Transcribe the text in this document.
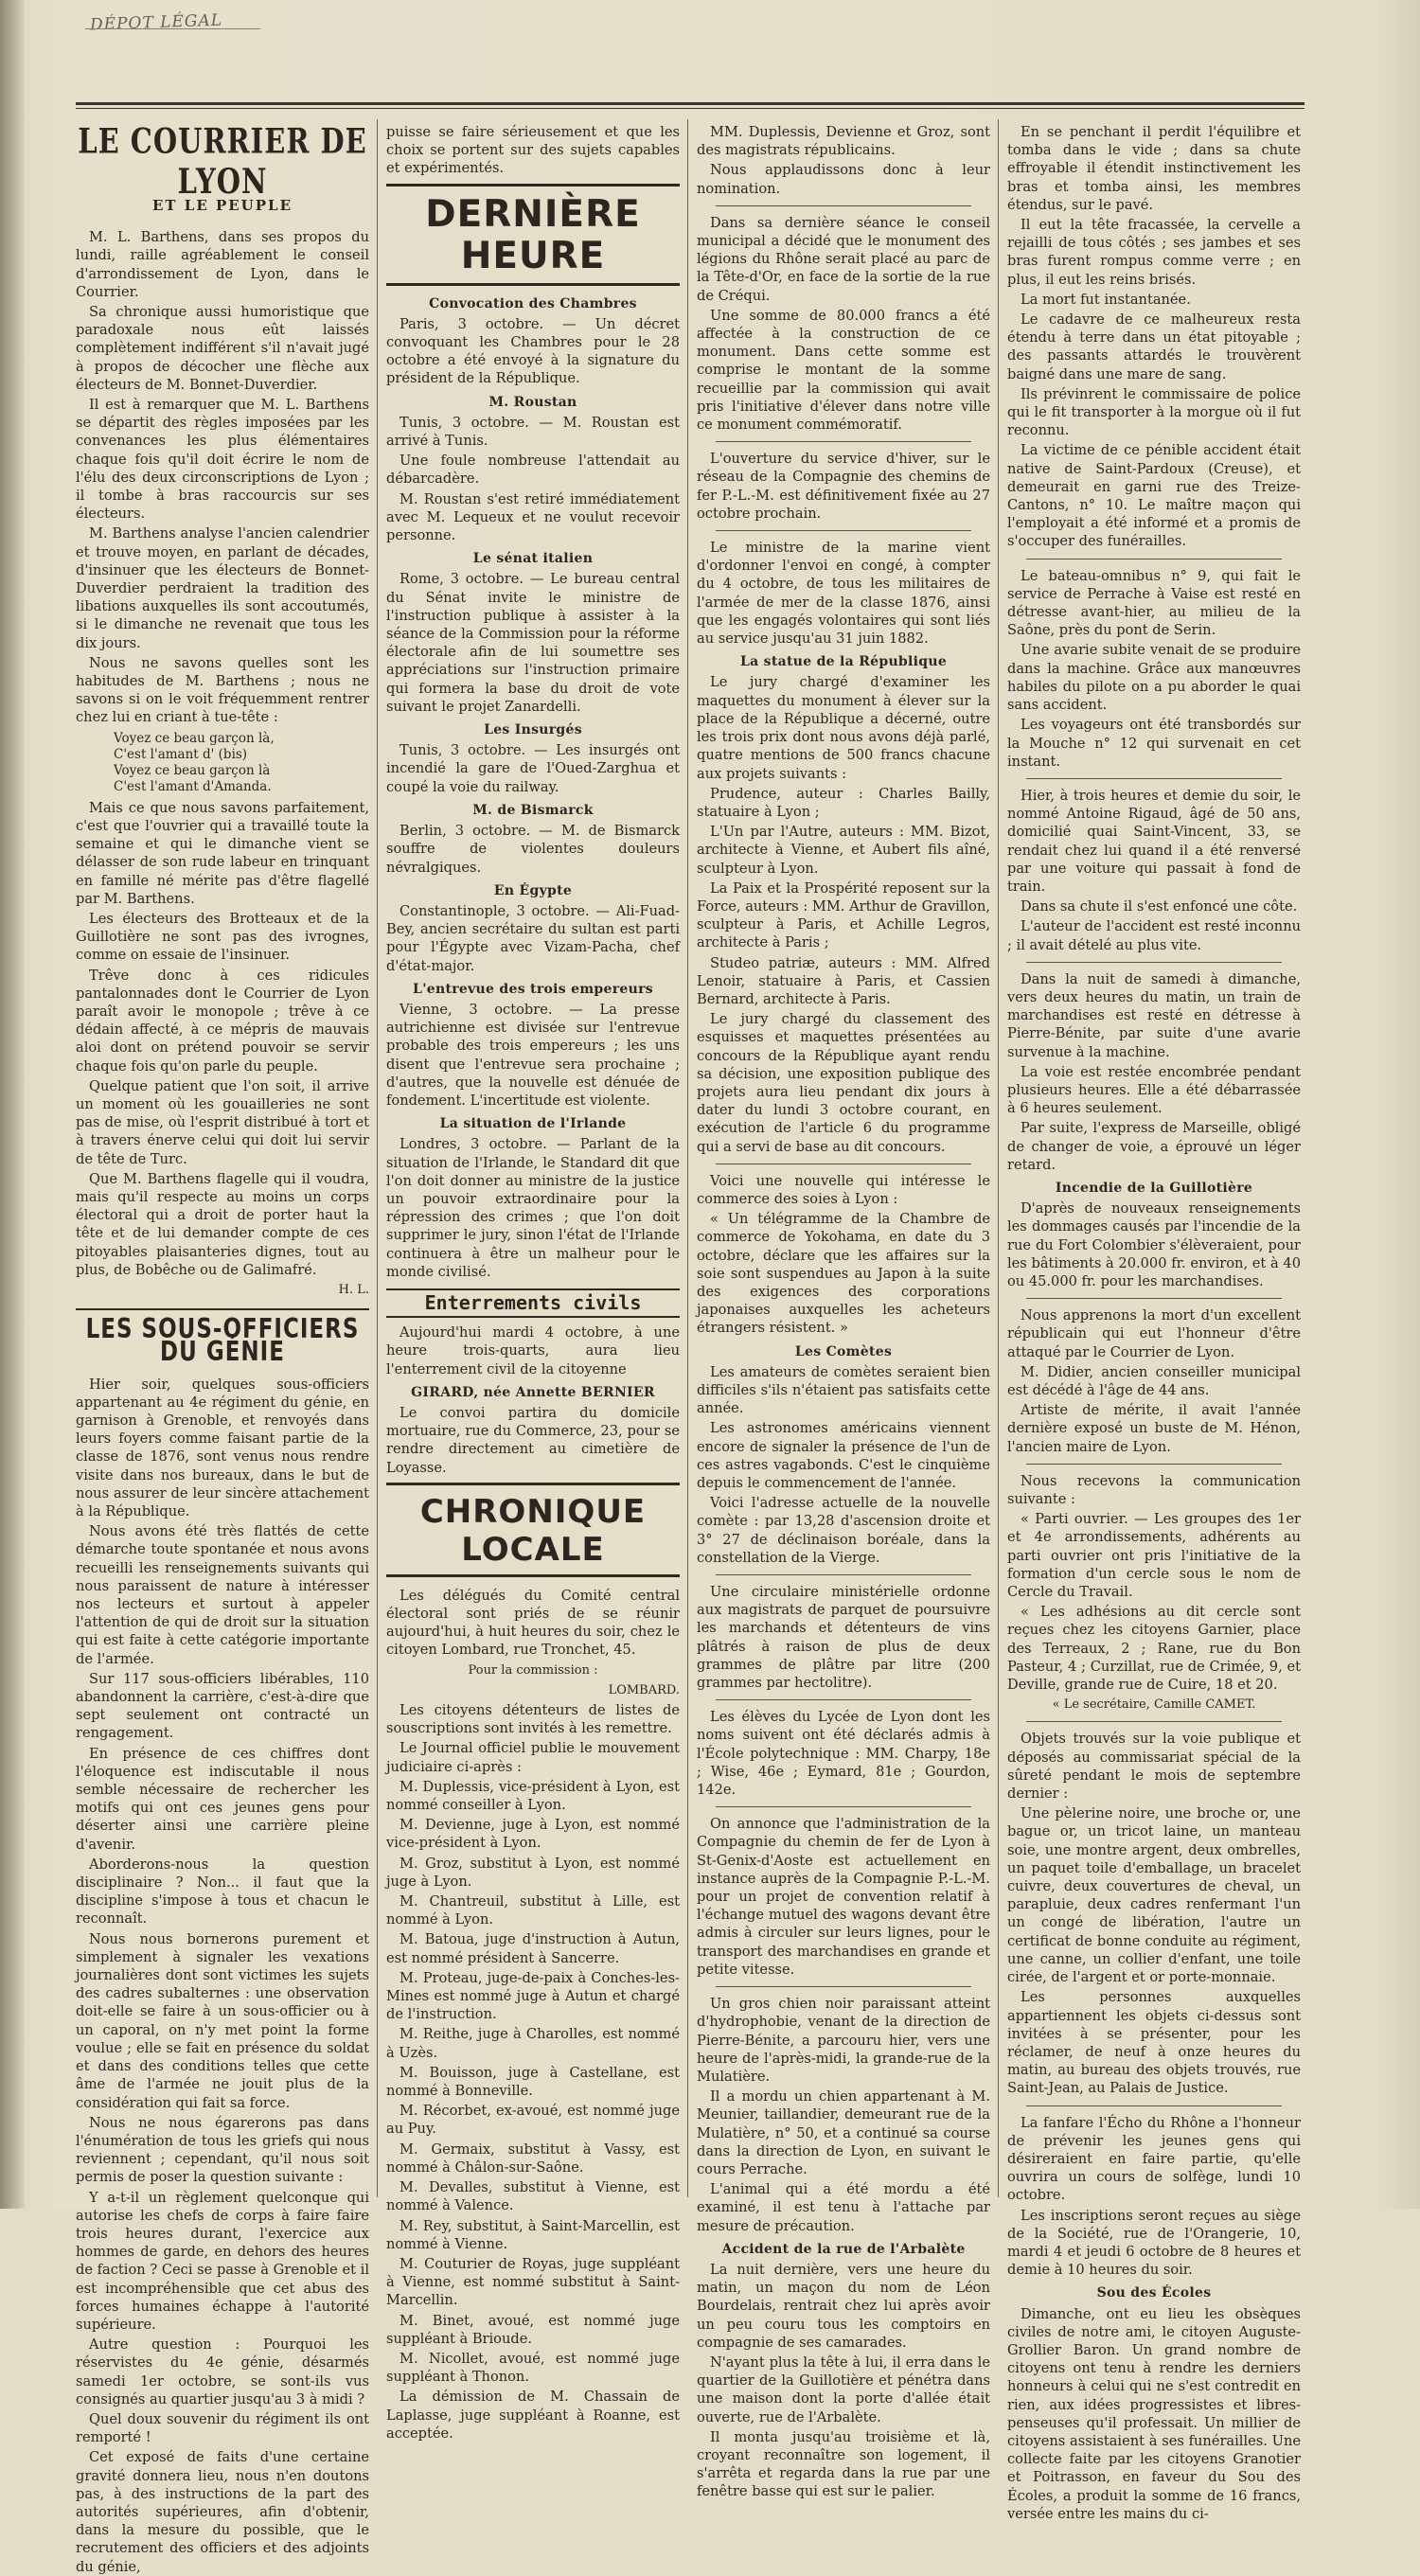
DÉPOT LÉGAL
LE COURRIER DE LYON
ET LE PEUPLE

M. L. Barthens, dans ses propos du lundi, raille agréablement le conseil d'arrondissement de Lyon, dans le Courrier.

Sa chronique aussi humoristique que paradoxale nous eût laissés complètement indifférent s'il n'avait jugé à propos de décocher une flèche aux électeurs de M. Bonnet-Duverdier.

Il est à remarquer que M. L. Barthens se départit des règles imposées par les convenances les plus élémentaires chaque fois qu'il doit écrire le nom de l'élu des deux circonscriptions de Lyon ; il tombe à bras raccourcis sur ses électeurs.

M. Barthens analyse l'ancien calendrier et trouve moyen, en parlant de décades, d'insinuer que les électeurs de Bonnet-Duverdier perdraient la tradition des libations auxquelles ils sont accoutumés, si le dimanche ne revenait que tous les dix jours.

Nous ne savons quelles sont les habitudes de M. Barthens ; nous ne savons si on le voit fréquemment rentrer chez lui en criant à tue-tête :

Voyez ce beau garçon là,
C'est l'amant d' (bis)
Voyez ce beau garçon là
C'est l'amant d'Amanda.

Mais ce que nous savons parfaitement, c'est que l'ouvrier qui a travaillé toute la semaine et qui le dimanche vient se délasser de son rude labeur en trinquant en famille né mérite pas d'être flagellé par M. Barthens.

Les électeurs des Brotteaux et de la Guillotière ne sont pas des ivrognes, comme on essaie de l'insinuer.

Trêve donc à ces ridicules pantalonnades dont le Courrier de Lyon paraît avoir le monopole ; trêve à ce dédain affecté, à ce mépris de mauvais aloi dont on prétend pouvoir se servir chaque fois qu'on parle du peuple.

Quelque patient que l'on soit, il arrive un moment où les gouailleries ne sont pas de mise, où l'esprit distribué à tort et à travers énerve celui qui doit lui servir de tête de Turc.

Que M. Barthens flagelle qui il voudra, mais qu'il respecte au moins un corps électoral qui a droit de porter haut la tête et de lui demander compte de ces pitoyables plaisanteries dignes, tout au plus, de Bobêche ou de Galimafré.

H. L.
LES SOUS-OFFICIERS DU GÉNIE

Hier soir, quelques sous-officiers appartenant au 4e régiment du génie, en garnison à Grenoble, et renvoyés dans leurs foyers comme faisant partie de la classe de 1876, sont venus nous rendre visite dans nos bureaux, dans le but de nous assurer de leur sincère attachement à la République.

Nous avons été très flattés de cette démarche toute spontanée et nous avons recueilli les renseignements suivants qui nous paraissent de nature à intéresser nos lecteurs et surtout à appeler l'attention de qui de droit sur la situation qui est faite à cette catégorie importante de l'armée.

Sur 117 sous-officiers libérables, 110 abandonnent la carrière, c'est-à-dire que sept seulement ont contracté un rengagement.

En présence de ces chiffres dont l'éloquence est indiscutable il nous semble nécessaire de rechercher les motifs qui ont ces jeunes gens pour déserter ainsi une carrière pleine d'avenir.

Aborderons-nous la question disciplinaire ? Non... il faut que la discipline s'impose à tous et chacun le reconnaît.

Nous nous bornerons purement et simplement à signaler les vexations journalières dont sont victimes les sujets des cadres subalternes : une observation doit-elle se faire à un sous-officier ou à un caporal, on n'y met point la forme voulue ; elle se fait en présence du soldat et dans des conditions telles que cette âme de l'armée ne jouit plus de la considération qui fait sa force.

Nous ne nous égarerons pas dans l'énumération de tous les griefs qui nous reviennent ; cependant, qu'il nous soit permis de poser la question suivante :

Y a-t-il un règlement quelconque qui autorise les chefs de corps à faire faire trois heures durant, l'exercice aux hommes de garde, en dehors des heures de faction ? Ceci se passe à Grenoble et il est incompréhensible que cet abus des forces humaines échappe à l'autorité supérieure.

Autre question : Pourquoi les réservistes du 4e génie, désarmés samedi 1er octobre, se sont-ils vus consignés au quartier jusqu'au 3 à midi ?

Quel doux souvenir du régiment ils ont remporté !

Cet exposé de faits d'une certaine gravité donnera lieu, nous n'en doutons pas, à des instructions de la part des autorités supérieures, afin d'obtenir, dans la mesure du possible, que le recrutement des officiers et des adjoints du génie,

puisse se faire sérieusement et que les choix se portent sur des sujets capables et expérimentés.

DERNIÈRE HEURE
Convocation des Chambres

Paris, 3 octobre. — Un décret convoquant les Chambres pour le 28 octobre a été envoyé à la signature du président de la République.

M. Roustan

Tunis, 3 octobre. — M. Roustan est arrivé à Tunis.

Une foule nombreuse l'attendait au débarcadère.

M. Roustan s'est retiré immédiatement avec M. Lequeux et ne voulut recevoir personne.

Le sénat italien

Rome, 3 octobre. — Le bureau central du Sénat invite le ministre de l'instruction publique à assister à la séance de la Commission pour la réforme électorale afin de lui soumettre ses appréciations sur l'instruction primaire qui formera la base du droit de vote suivant le projet Zanardelli.

Les Insurgés

Tunis, 3 octobre. — Les insurgés ont incendié la gare de l'Oued-Zarghua et coupé la voie du railway.

M. de Bismarck

Berlin, 3 octobre. — M. de Bismarck souffre de violentes douleurs névralgiques.

En Égypte

Constantinople, 3 octobre. — Ali-Fuad-Bey, ancien secrétaire du sultan est parti pour l'Égypte avec Vizam-Pacha, chef d'état-major.

L'entrevue des trois empereurs

Vienne, 3 octobre. — La presse autrichienne est divisée sur l'entrevue probable des trois empereurs ; les uns disent que l'entrevue sera prochaine ; d'autres, que la nouvelle est dénuée de fondement. L'incertitude est violente.

La situation de l'Irlande

Londres, 3 octobre. — Parlant de la situation de l'Irlande, le Standard dit que l'on doit donner au ministre de la justice un pouvoir extraordinaire pour la répression des crimes ; que l'on doit supprimer le jury, sinon l'état de l'Irlande continuera à être un malheur pour le monde civilisé.

Enterrements civils

Aujourd'hui mardi 4 octobre, à une heure trois-quarts, aura lieu l'enterrement civil de la citoyenne

GIRARD, née Annette BERNIER

Le convoi partira du domicile mortuaire, rue du Commerce, 23, pour se rendre directement au cimetière de Loyasse.

CHRONIQUE LOCALE

Les délégués du Comité central électoral sont priés de se réunir aujourd'hui, à huit heures du soir, chez le citoyen Lombard, rue Tronchet, 45.

Pour la commission :
LOMBARD.

Les citoyens détenteurs de listes de souscriptions sont invités à les remettre.

Le Journal officiel publie le mouvement judiciaire ci-après :

M. Duplessis, vice-président à Lyon, est nommé conseiller à Lyon.

M. Devienne, juge à Lyon, est nommé vice-président à Lyon.

M. Groz, substitut à Lyon, est nommé juge à Lyon.

M. Chantreuil, substitut à Lille, est nommé à Lyon.

M. Batoua, juge d'instruction à Autun, est nommé président à Sancerre.

M. Proteau, juge-de-paix à Conches-les-Mines est nommé juge à Autun et chargé de l'instruction.

M. Reithe, juge à Charolles, est nommé à Uzès.

M. Bouisson, juge à Castellane, est nommé à Bonneville.

M. Récorbet, ex-avoué, est nommé juge au Puy.

M. Germaix, substitut à Vassy, est nommé à Châlon-sur-Saône.

M. Devalles, substitut à Vienne, est nommé à Valence.

M. Rey, substitut, à Saint-Marcellin, est nommé à Vienne.

M. Couturier de Royas, juge suppléant à Vienne, est nommé substitut à Saint-Marcellin.

M. Binet, avoué, est nommé juge suppléant à Brioude.

M. Nicollet, avoué, est nommé juge suppléant à Thonon.

La démission de M. Chassain de Laplasse, juge suppléant à Roanne, est acceptée.

MM. Duplessis, Devienne et Groz, sont des magistrats républicains.

Nous applaudissons donc à leur nomination.

Dans sa dernière séance le conseil municipal a décidé que le monument des légions du Rhône serait placé au parc de la Tête-d'Or, en face de la sortie de la rue de Créqui.

Une somme de 80.000 francs a été affectée à la construction de ce monument. Dans cette somme est comprise le montant de la somme recueillie par la commission qui avait pris l'initiative d'élever dans notre ville ce monument commémoratif.

L'ouverture du service d'hiver, sur le réseau de la Compagnie des chemins de fer P.-L.-M. est définitivement fixée au 27 octobre prochain.

Le ministre de la marine vient d'ordonner l'envoi en congé, à compter du 4 octobre, de tous les militaires de l'armée de mer de la classe 1876, ainsi que les engagés volontaires qui sont liés au service jusqu'au 31 juin 1882.

La statue de la République

Le jury chargé d'examiner les maquettes du monument à élever sur la place de la République a décerné, outre les trois prix dont nous avons déjà parlé, quatre mentions de 500 francs chacune aux projets suivants :

Prudence, auteur : Charles Bailly, statuaire à Lyon ;

L'Un par l'Autre, auteurs : MM. Bizot, architecte à Vienne, et Aubert fils aîné, sculpteur à Lyon.

La Paix et la Prospérité reposent sur la Force, auteurs : MM. Arthur de Gravillon, sculpteur à Paris, et Achille Legros, architecte à Paris ;

Studeo patriæ, auteurs : MM. Alfred Lenoir, statuaire à Paris, et Cassien Bernard, architecte à Paris.

Le jury chargé du classement des esquisses et maquettes présentées au concours de la République ayant rendu sa décision, une exposition publique des projets aura lieu pendant dix jours à dater du lundi 3 octobre courant, en exécution de l'article 6 du programme qui a servi de base au dit concours.

Voici une nouvelle qui intéresse le commerce des soies à Lyon :

« Un télégramme de la Chambre de commerce de Yokohama, en date du 3 octobre, déclare que les affaires sur la soie sont suspendues au Japon à la suite des exigences des corporations japonaises auxquelles les acheteurs étrangers résistent. »

Les Comètes

Les amateurs de comètes seraient bien difficiles s'ils n'étaient pas satisfaits cette année.

Les astronomes américains viennent encore de signaler la présence de l'un de ces astres vagabonds. C'est le cinquième depuis le commencement de l'année.

Voici l'adresse actuelle de la nouvelle comète : par 13,28 d'ascension droite et 3° 27 de déclinaison boréale, dans la constellation de la Vierge.

Une circulaire ministérielle ordonne aux magistrats de parquet de poursuivre les marchands et détenteurs de vins plâtrés à raison de plus de deux grammes de plâtre par litre (200 grammes par hectolitre).

Les élèves du Lycée de Lyon dont les noms suivent ont été déclarés admis à l'École polytechnique : MM. Charpy, 18e ; Wise, 46e ; Eymard, 81e ; Gourdon, 142e.

On annonce que l'administration de la Compagnie du chemin de fer de Lyon à St-Genix-d'Aoste est actuellement en instance auprès de la Compagnie P.-L.-M. pour un projet de convention relatif à l'échange mutuel des wagons devant être admis à circuler sur leurs lignes, pour le transport des marchandises en grande et petite vitesse.

Un gros chien noir paraissant atteint d'hydrophobie, venant de la direction de Pierre-Bénite, a parcouru hier, vers une heure de l'après-midi, la grande-rue de la Mulatière.

Il a mordu un chien appartenant à M. Meunier, taillandier, demeurant rue de la Mulatière, n° 50, et a continué sa course dans la direction de Lyon, en suivant le cours Perrache.

L'animal qui a été mordu a été examiné, il est tenu à l'attache par mesure de précaution.

Accident de la rue de l'Arbalète

La nuit dernière, vers une heure du matin, un maçon du nom de Léon Bourdelais, rentrait chez lui après avoir un peu couru tous les comptoirs en compagnie de ses camarades.

N'ayant plus la tête à lui, il erra dans le quartier de la Guillotière et pénétra dans une maison dont la porte d'allée était ouverte, rue de l'Arbalète.

Il monta jusqu'au troisième et là, croyant reconnaître son logement, il s'arrêta et regarda dans la rue par une fenêtre basse qui est sur le palier.

En se penchant il perdit l'équilibre et tomba dans le vide ; dans sa chute effroyable il étendit instinctivement les bras et tomba ainsi, les membres étendus, sur le pavé.

Il eut la tête fracassée, la cervelle a rejailli de tous côtés ; ses jambes et ses bras furent rompus comme verre ; en plus, il eut les reins brisés.

La mort fut instantanée.

Le cadavre de ce malheureux resta étendu à terre dans un état pitoyable ; des passants attardés le trouvèrent baigné dans une mare de sang.

Ils prévinrent le commissaire de police qui le fit transporter à la morgue où il fut reconnu.

La victime de ce pénible accident était native de Saint-Pardoux (Creuse), et demeurait en garni rue des Treize-Cantons, n° 10. Le maître maçon qui l'employait a été informé et a promis de s'occuper des funérailles.

Le bateau-omnibus n° 9, qui fait le service de Perrache à Vaise est resté en détresse avant-hier, au milieu de la Saône, près du pont de Serin.

Une avarie subite venait de se produire dans la machine. Grâce aux manœuvres habiles du pilote on a pu aborder le quai sans accident.

Les voyageurs ont été transbordés sur la Mouche n° 12 qui survenait en cet instant.

Hier, à trois heures et demie du soir, le nommé Antoine Rigaud, âgé de 50 ans, domicilié quai Saint-Vincent, 33, se rendait chez lui quand il a été renversé par une voiture qui passait à fond de train.

Dans sa chute il s'est enfoncé une côte.

L'auteur de l'accident est resté inconnu ; il avait dételé au plus vite.

Dans la nuit de samedi à dimanche, vers deux heures du matin, un train de marchandises est resté en détresse à Pierre-Bénite, par suite d'une avarie survenue à la machine.

La voie est restée encombrée pendant plusieurs heures. Elle a été débarrassée à 6 heures seulement.

Par suite, l'express de Marseille, obligé de changer de voie, a éprouvé un léger retard.

Incendie de la Guillotière

D'après de nouveaux renseignements les dommages causés par l'incendie de la rue du Fort Colombier s'élèveraient, pour les bâtiments à 20.000 fr. environ, et à 40 ou 45.000 fr. pour les marchandises.

Nous apprenons la mort d'un excellent républicain qui eut l'honneur d'être attaqué par le Courrier de Lyon.

M. Didier, ancien conseiller municipal est décédé à l'âge de 44 ans.

Artiste de mérite, il avait l'année dernière exposé un buste de M. Hénon, l'ancien maire de Lyon.

Nous recevons la communication suivante :

« Parti ouvrier. — Les groupes des 1er et 4e arrondissements, adhérents au parti ouvrier ont pris l'initiative de la formation d'un cercle sous le nom de Cercle du Travail.

« Les adhésions au dit cercle sont reçues chez les citoyens Garnier, place des Terreaux, 2 ; Rane, rue du Bon Pasteur, 4 ; Curzillat, rue de Crimée, 9, et Deville, grande rue de Cuire, 18 et 20.

« Le secrétaire, Camille CAMET.

Objets trouvés sur la voie publique et déposés au commissariat spécial de la sûreté pendant le mois de septembre dernier :

Une pèlerine noire, une broche or, une bague or, un tricot laine, un manteau soie, une montre argent, deux ombrelles, un paquet toile d'emballage, un bracelet cuivre, deux couvertures de cheval, un parapluie, deux cadres renfermant l'un un congé de libération, l'autre un certificat de bonne conduite au régiment, une canne, un collier d'enfant, une toile cirée, de l'argent et or porte-monnaie.

Les personnes auxquelles appartiennent les objets ci-dessus sont invitées à se présenter, pour les réclamer, de neuf à onze heures du matin, au bureau des objets trouvés, rue Saint-Jean, au Palais de Justice.

La fanfare l'Écho du Rhône a l'honneur de prévenir les jeunes gens qui désireraient en faire partie, qu'elle ouvrira un cours de solfège, lundi 10 octobre.

Les inscriptions seront reçues au siège de la Société, rue de l'Orangerie, 10, mardi 4 et jeudi 6 octobre de 8 heures et demie à 10 heures du soir.

Sou des Écoles

Dimanche, ont eu lieu les obsèques civiles de notre ami, le citoyen Auguste-Grollier Baron. Un grand nombre de citoyens ont tenu à rendre les derniers honneurs à celui qui ne s'est contredit en rien, aux idées progressistes et libres-penseuses qu'il professait. Un millier de citoyens assistaient à ses funérailles. Une collecte faite par les citoyens Granotier et Poitrasson, en faveur du Sou des Écoles, a produit la somme de 16 francs, versée entre les mains du ci-
